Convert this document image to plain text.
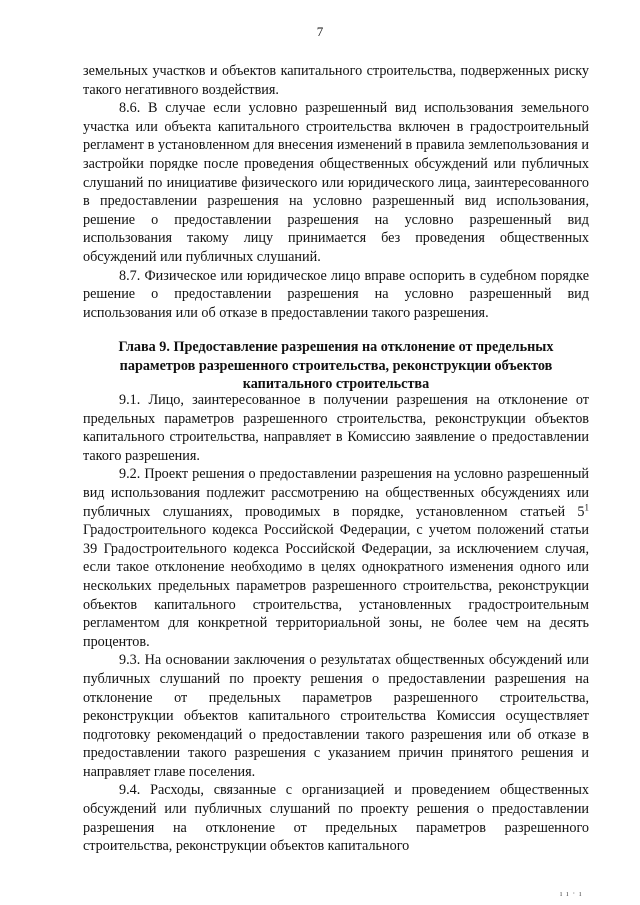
7

земельных участков и объектов капитального строительства, подверженных риску такого негативного воздействия.

8.6. В случае если условно разрешенный вид использования земельного участка или объекта капитального строительства включен в градостроительный регламент в установленном для внесения изменений в правила землепользования и застройки порядке после проведения общественных обсуждений или публичных слушаний по инициативе физического или юридического лица, заинтересованного в предоставлении разрешения на условно разрешенный вид использования, решение о предоставлении разрешения на условно разрешенный вид использования такому лицу принимается без проведения общественных обсуждений или публичных слушаний.

8.7. Физическое или юридическое лицо вправе оспорить в судебном порядке решение о предоставлении разрешения на условно разрешенный вид использования или об отказе в предоставлении такого разрешения.

Глава 9. Предоставление разрешения на отклонение от предельных параметров разрешенного строительства, реконструкции объектов капитального строительства

9.1. Лицо, заинтересованное в получении разрешения на отклонение от предельных параметров разрешенного строительства, реконструкции объектов капитального строительства, направляет в Комиссию заявление о предоставлении такого разрешения.

9.2. Проект решения о предоставлении разрешения на условно разрешенный вид использования подлежит рассмотрению на общественных обсуждениях или публичных слушаниях, проводимых в порядке, установленном статьей $5^1$ Градостроительного кодекса Российской Федерации, с учетом положений статьи 39 Градостроительного кодекса Российской Федерации, за исключением случая, если такое отклонение необходимо в целях однократного изменения одного или нескольких предельных параметров разрешенного строительства, реконструкции объектов капитального строительства, установленных градостроительным регламентом для конкретной территориальной зоны, не более чем на десять процентов.

9.3. На основании заключения о результатах общественных обсуждений или публичных слушаний по проекту решения о предоставлении разрешения на отклонение от предельных параметров разрешенного строительства, реконструкции объектов капитального строительства Комиссия осуществляет подготовку рекомендаций о предоставлении такого разрешения или об отказе в предоставлении такого разрешения с указанием причин принятого решения и направляет главе поселения.

9.4. Расходы, связанные с организацией и проведением общественных обсуждений или публичных слушаний по проекту решения о предоставлении разрешения на отклонение от предельных параметров разрешенного строительства, реконструкции объектов капитального

ıı·ı
